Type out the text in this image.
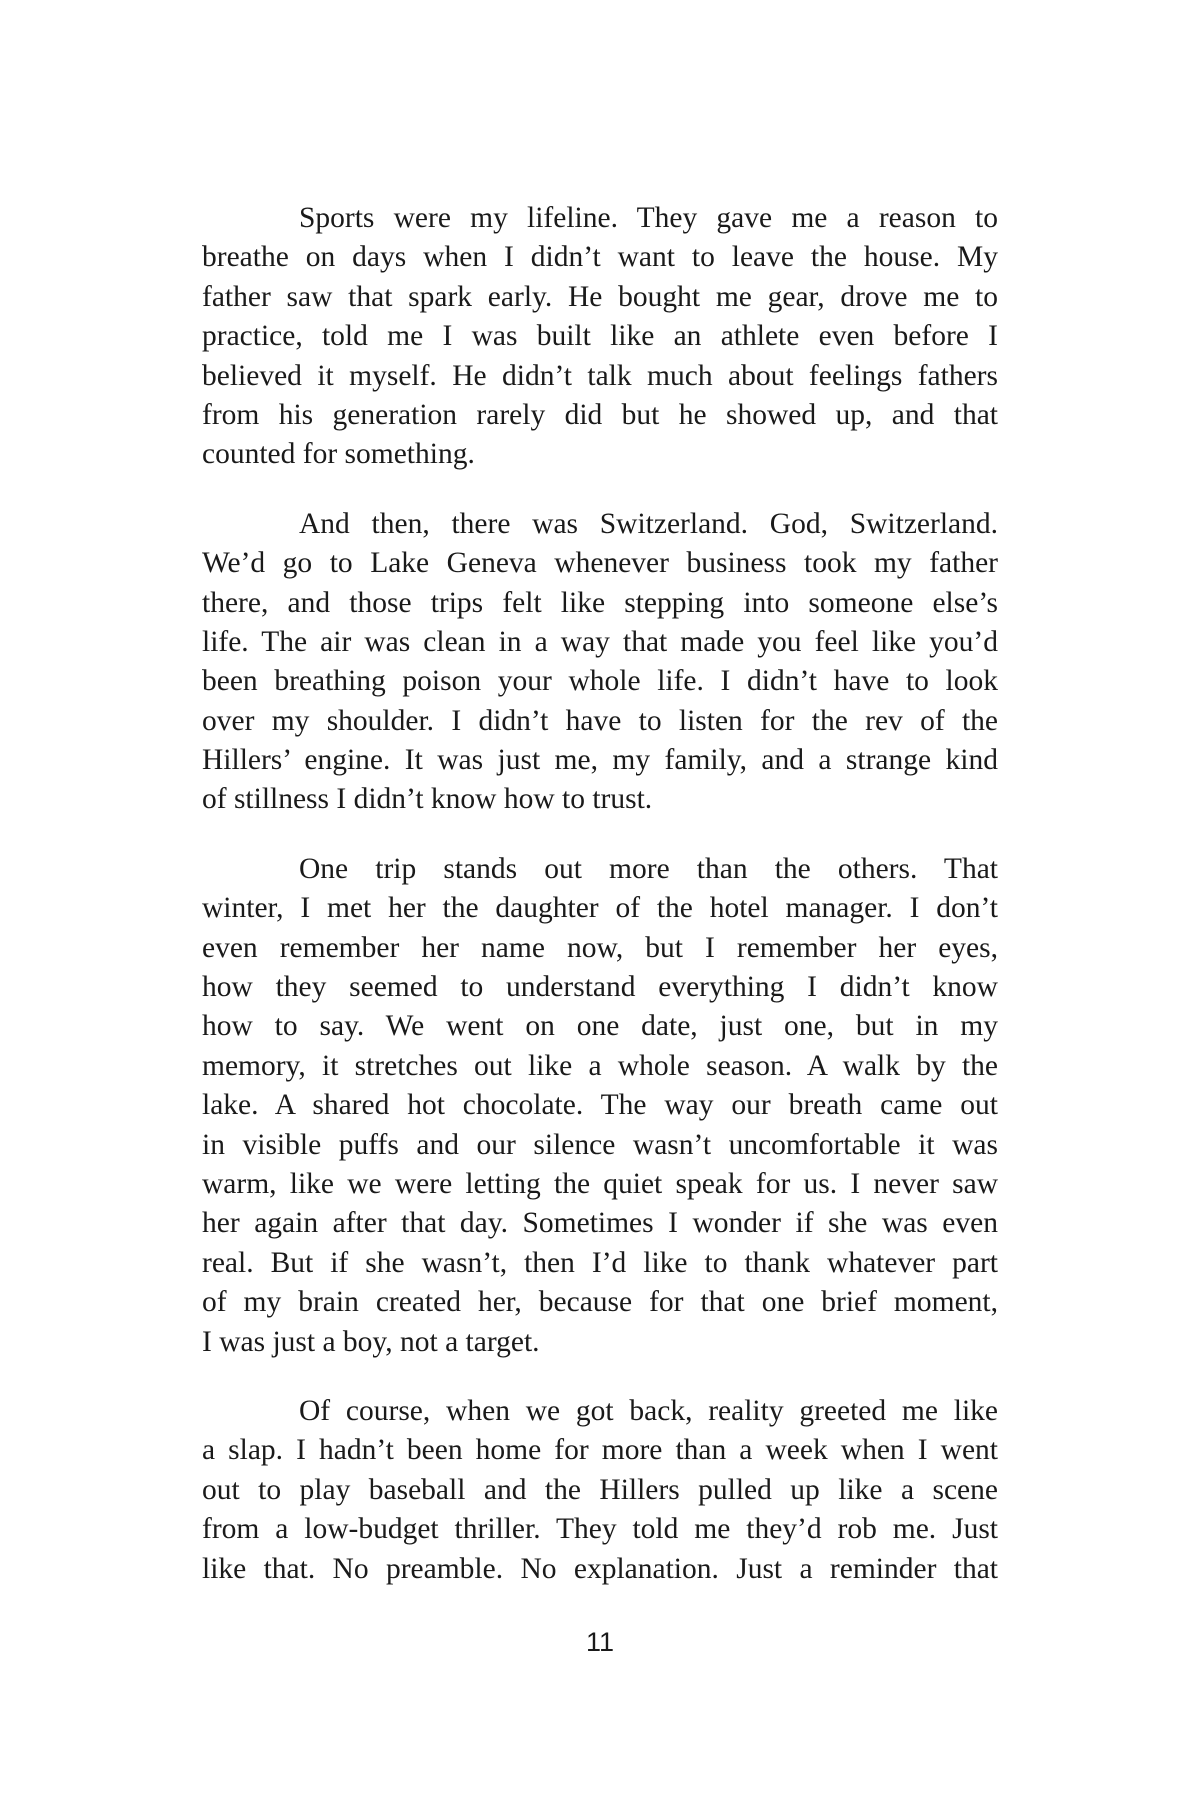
Sports were my lifeline. They gave me a reason to
breathe on days when I didn’t want to leave the house. My
father saw that spark early. He bought me gear, drove me to
practice, told me I was built like an athlete even before I
believed it myself. He didn’t talk much about feelings fathers
from his generation rarely did but he showed up, and that
counted for something.

And then, there was Switzerland. God, Switzerland.
We’d go to Lake Geneva whenever business took my father
there, and those trips felt like stepping into someone else’s
life. The air was clean in a way that made you feel like you’d
been breathing poison your whole life. I didn’t have to look
over my shoulder. I didn’t have to listen for the rev of the
Hillers’ engine. It was just me, my family, and a strange kind
of stillness I didn’t know how to trust.

One trip stands out more than the others. That
winter, I met her the daughter of the hotel manager. I don’t
even remember her name now, but I remember her eyes,
how they seemed to understand everything I didn’t know
how to say. We went on one date, just one, but in my
memory, it stretches out like a whole season. A walk by the
lake. A shared hot chocolate. The way our breath came out
in visible puffs and our silence wasn’t uncomfortable it was
warm, like we were letting the quiet speak for us. I never saw
her again after that day. Sometimes I wonder if she was even
real. But if she wasn’t, then I’d like to thank whatever part
of my brain created her, because for that one brief moment,
I was just a boy, not a target.

Of course, when we got back, reality greeted me like
a slap. I hadn’t been home for more than a week when I went
out to play baseball and the Hillers pulled up like a scene
from a low-budget thriller. They told me they’d rob me. Just
like that. No preamble. No explanation. Just a reminder that

11
